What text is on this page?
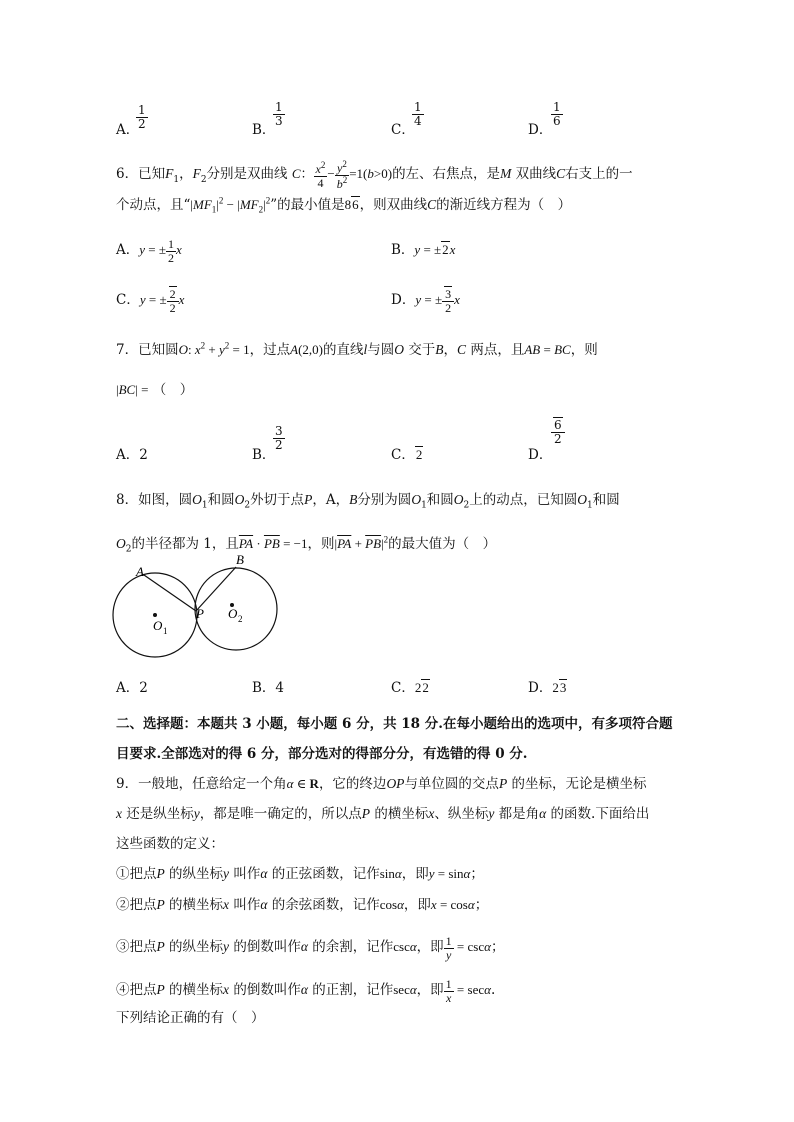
A．
$\frac{1}{2}$	B．
$\frac{1}{3}$
C．
$\frac{1}{4}$
D．
$\frac{1}{6}$
6．已知$F_1$，$F_2$分别是双曲线 C： $\frac{x^2}{4} - \frac{y^2}{b^2} =1(b>0)$的左、右焦点，是M 双曲线C右支上的一
个动点，且“$|MF_1|^2 - |MF_2|^2$”的最小值是86，则双曲线C的渐近线方程为（　）
A．y = ± $\frac{1}{2}$ x	B．y = ±2x
C．y = ± $\frac{2}{2}$ x	D．y = ± $\frac{3}{2}$ x
7．已知圆O: $x^2 + y^2 = 1$，过点A(2,0)的直线l与圆O 交于B，C 两点，且AB = BC，则
|BC| = （　）
A．2	B．
$\frac{3}{2}$
C．2	D．
$\frac{6}{2}$
8．如图，圆$O_1$和圆$O_2$外切于点P，A，B分别为圆$O_1$和圆$O_2$上的动点，已知圆$O_1$和圆
$O_2$的半径都为 1，且$\overline{PA} \cdot \overline{PB} = -1$，则$|\overline{PA} + \overline{PB}|^2$的最大值为（　）
A
B
P
O 1
O 2
A．2	B．4	C．22	D．23
二、选择题：本题共 3 小题，每小题 6 分，共 18 分.在每小题给出的选项中，有多项符合题
目要求.全部选对的得 6 分，部分选对的得部分分，有选错的得 0 分.
9．一般地，任意给定一个角α ∈ R，它的终边OP与单位圆的交点P 的坐标，无论是横坐标
x 还是纵坐标y，都是唯一确定的，所以点P 的横坐标x、纵坐标y 都是角α 的函数.下面给出
这些函数的定义：
①把点P 的纵坐标y 叫作α 的正弦函数，记作sinα，即y = sinα；
②把点P 的横坐标x 叫作α 的余弦函数，记作cosα，即x = cosα；
③把点P 的纵坐标y 的倒数叫作α 的余割，记作cscα，即 $\frac{1}{y} = \csc\alpha$；
④把点P 的横坐标x 的倒数叫作α 的正割，记作secα，即 $\frac{1}{x} = \sec\alpha$.
下列结论正确的有（　）
